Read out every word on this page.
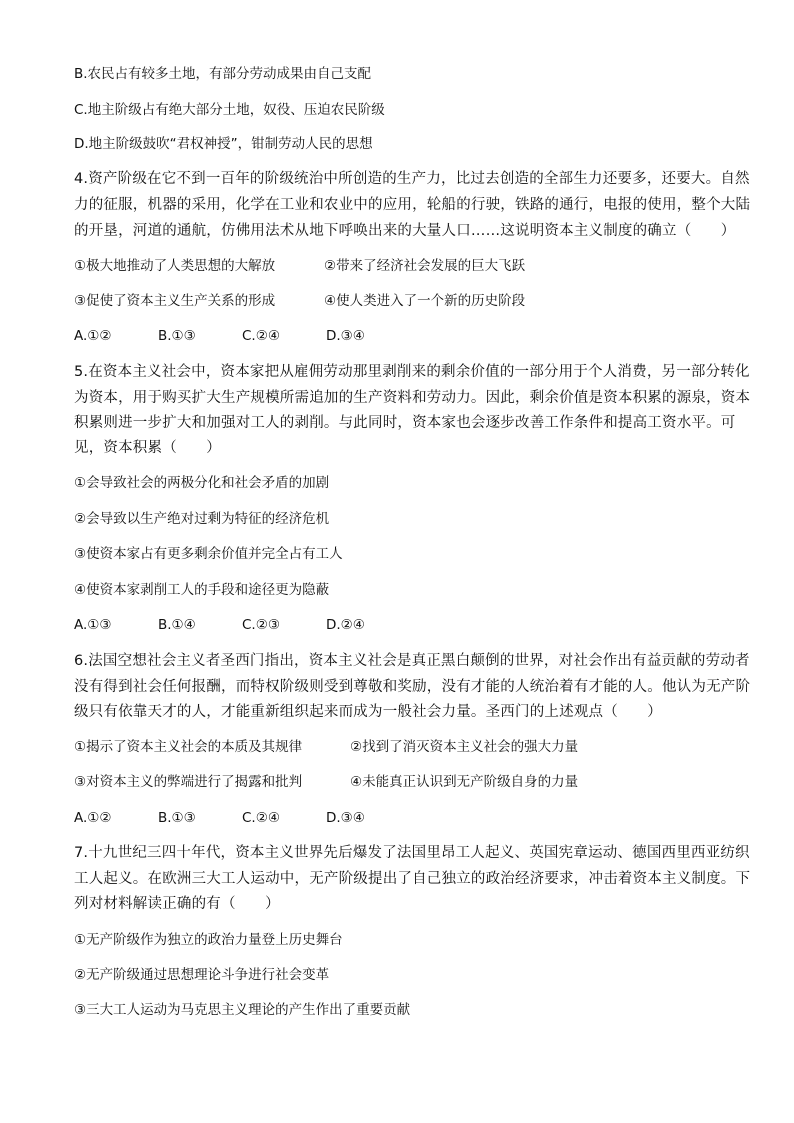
B.农民占有较多土地，有部分劳动成果由自己支配
C.地主阶级占有绝大部分土地，奴役、压迫农民阶级
D.地主阶级鼓吹“君权神授”，钳制劳动人民的思想
4.资产阶级在它不到一百年的阶级统治中所创造的生产力，比过去创造的全部生力还要多，还要大。自然
力的征服，机器的采用，化学在工业和农业中的应用，轮船的行驶，铁路的通行，电报的使用，整个大陆
的开垦，河道的通航，仿佛用法术从地下呼唤出来的大量人口……这说明资本主义制度的确立（　　）
①极大地推动了人类思想的大解放	②带来了经济社会发展的巨大飞跃
③促使了资本主义生产关系的形成	④使人类进入了一个新的历史阶段
A.①②	B.①③	C.②④	D.③④
5.在资本主义社会中，资本家把从雇佣劳动那里剥削来的剩余价值的一部分用于个人消费，另一部分转化
为资本，用于购买扩大生产规模所需追加的生产资料和劳动力。因此，剩余价值是资本积累的源泉，资本
积累则进一步扩大和加强对工人的剥削。与此同时，资本家也会逐步改善工作条件和提高工资水平。可
见，资本积累（　　）
①会导致社会的两极分化和社会矛盾的加剧
②会导致以生产绝对过剩为特征的经济危机
③使资本家占有更多剩余价值并完全占有工人
④使资本家剥削工人的手段和途径更为隐蔽
A.①③	B.①④	C.②③	D.②④
6.法国空想社会主义者圣西门指出，资本主义社会是真正黑白颠倒的世界，对社会作出有益贡献的劳动者
没有得到社会任何报酬，而特权阶级则受到尊敬和奖励，没有才能的人统治着有才能的人。他认为无产阶
级只有依靠天才的人，才能重新组织起来而成为一般社会力量。圣西门的上述观点（　　）
①揭示了资本主义社会的本质及其规律	②找到了消灭资本主义社会的强大力量
③对资本主义的弊端进行了揭露和批判	④未能真正认识到无产阶级自身的力量
A.①②	B.①③	C.②④	D.③④
7.十九世纪三四十年代，资本主义世界先后爆发了法国里昂工人起义、英国宪章运动、德国西里西亚纺织
工人起义。在欧洲三大工人运动中，无产阶级提出了自己独立的政治经济要求，冲击着资本主义制度。下
列对材料解读正确的有（　　）
①无产阶级作为独立的政治力量登上历史舞台
②无产阶级通过思想理论斗争进行社会变革
③三大工人运动为马克思主义理论的产生作出了重要贡献
